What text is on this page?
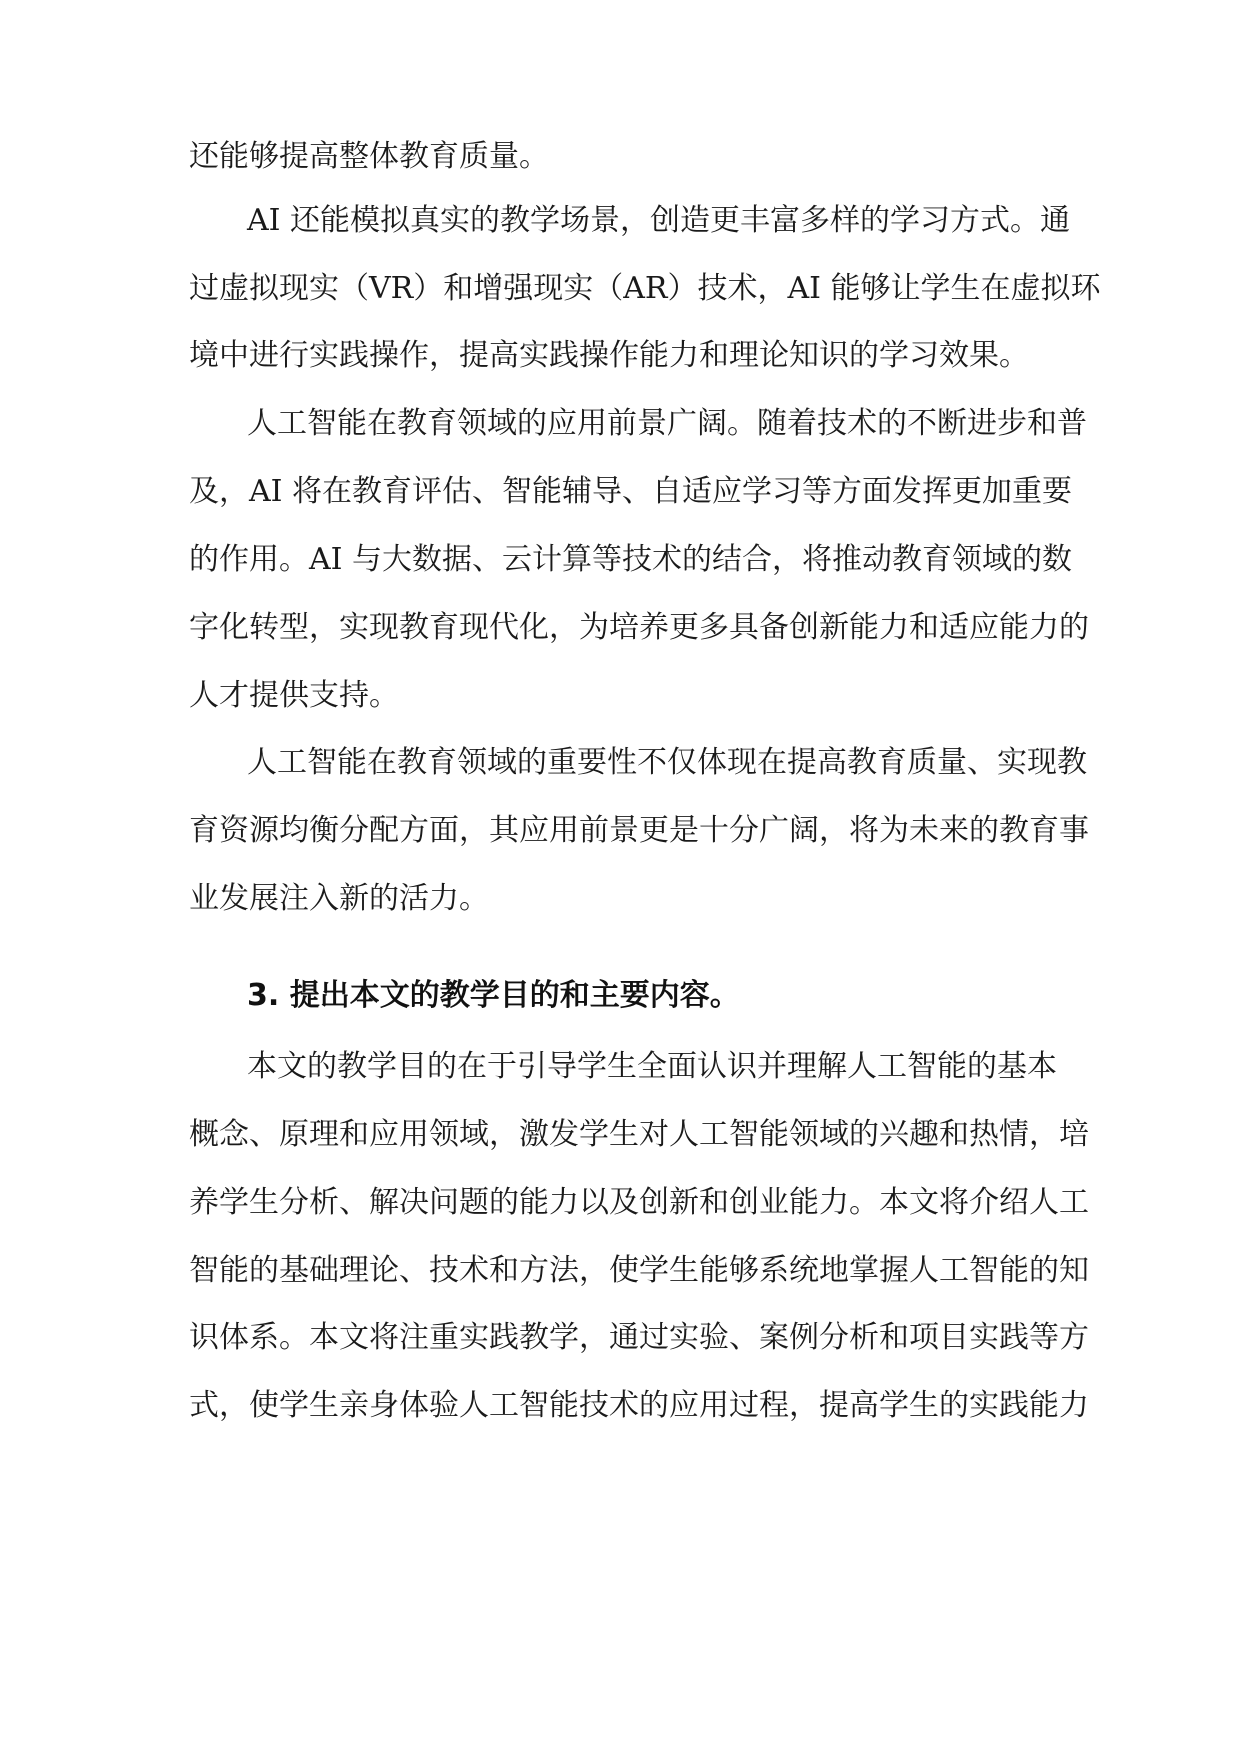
还能够提高整体教育质量。

AI 还能模拟真实的教学场景，创造更丰富多样的学习方式。通

过虚拟现实（VR）和增强现实（AR）技术，AI 能够让学生在虚拟环

境中进行实践操作，提高实践操作能力和理论知识的学习效果。

人工智能在教育领域的应用前景广阔。随着技术的不断进步和普

及，AI 将在教育评估、智能辅导、自适应学习等方面发挥更加重要

的作用。AI 与大数据、云计算等技术的结合，将推动教育领域的数

字化转型，实现教育现代化，为培养更多具备创新能力和适应能力的

人才提供支持。

人工智能在教育领域的重要性不仅体现在提高教育质量、实现教

育资源均衡分配方面，其应用前景更是十分广阔，将为未来的教育事

业发展注入新的活力。

3. 提出本文的教学目的和主要内容。

本文的教学目的在于引导学生全面认识并理解人工智能的基本

概念、原理和应用领域，激发学生对人工智能领域的兴趣和热情，培

养学生分析、解决问题的能力以及创新和创业能力。本文将介绍人工

智能的基础理论、技术和方法，使学生能够系统地掌握人工智能的知

识体系。本文将注重实践教学，通过实验、案例分析和项目实践等方

式，使学生亲身体验人工智能技术的应用过程，提高学生的实践能力
